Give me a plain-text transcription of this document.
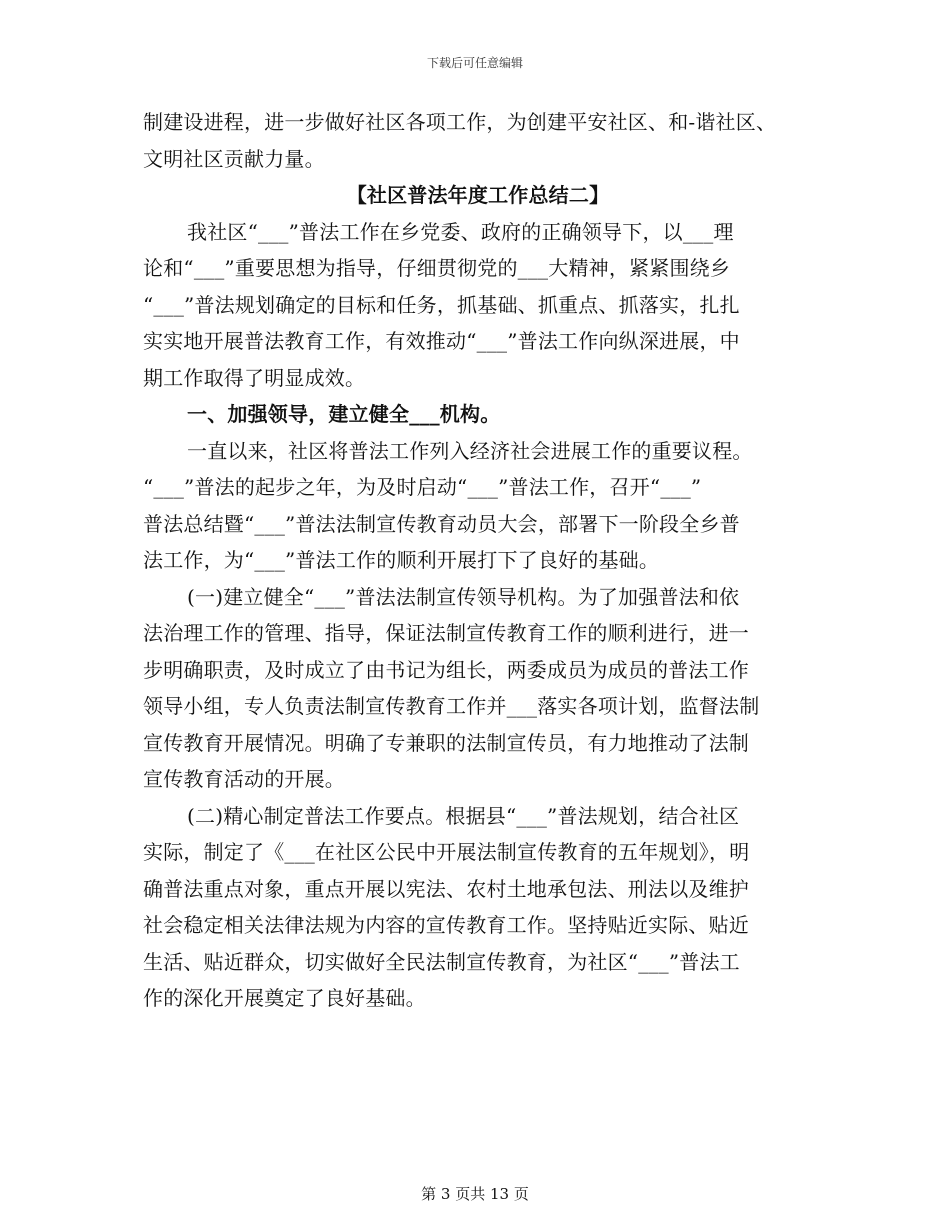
下载后可任意编辑
制建设进程，进一步做好社区各项工作，为创建平安社区、和-谐社区、
文明社区贡献力量。
【社区普法年度工作总结二】
我社区“___”普法工作在乡党委、政府的正确领导下，以___理
论和“___”重要思想为指导，仔细贯彻党的___大精神，紧紧围绕乡
“___”普法规划确定的目标和任务，抓基础、抓重点、抓落实，扎扎
实实地开展普法教育工作，有效推动“___”普法工作向纵深进展，中
期工作取得了明显成效。
一、加强领导，建立健全___机构。
一直以来，社区将普法工作列入经济社会进展工作的重要议程。
“___”普法的起步之年，为及时启动“___”普法工作，召开“___”
普法总结暨“___”普法法制宣传教育动员大会，部署下一阶段全乡普
法工作，为“___”普法工作的顺利开展打下了良好的基础。
(一)建立健全“___”普法法制宣传领导机构。为了加强普法和依
法治理工作的管理、指导，保证法制宣传教育工作的顺利进行，进一
步明确职责，及时成立了由书记为组长，两委成员为成员的普法工作
领导小组，专人负责法制宣传教育工作并___落实各项计划，监督法制
宣传教育开展情况。明确了专兼职的法制宣传员，有力地推动了法制
宣传教育活动的开展。
(二)精心制定普法工作要点。根据县“___”普法规划，结合社区
实际，制定了《___在社区公民中开展法制宣传教育的五年规划》，明
确普法重点对象，重点开展以宪法、农村土地承包法、刑法以及维护
社会稳定相关法律法规为内容的宣传教育工作。坚持贴近实际、贴近
生活、贴近群众，切实做好全民法制宣传教育，为社区“___”普法工
作的深化开展奠定了良好基础。
第 3 页共 13 页
